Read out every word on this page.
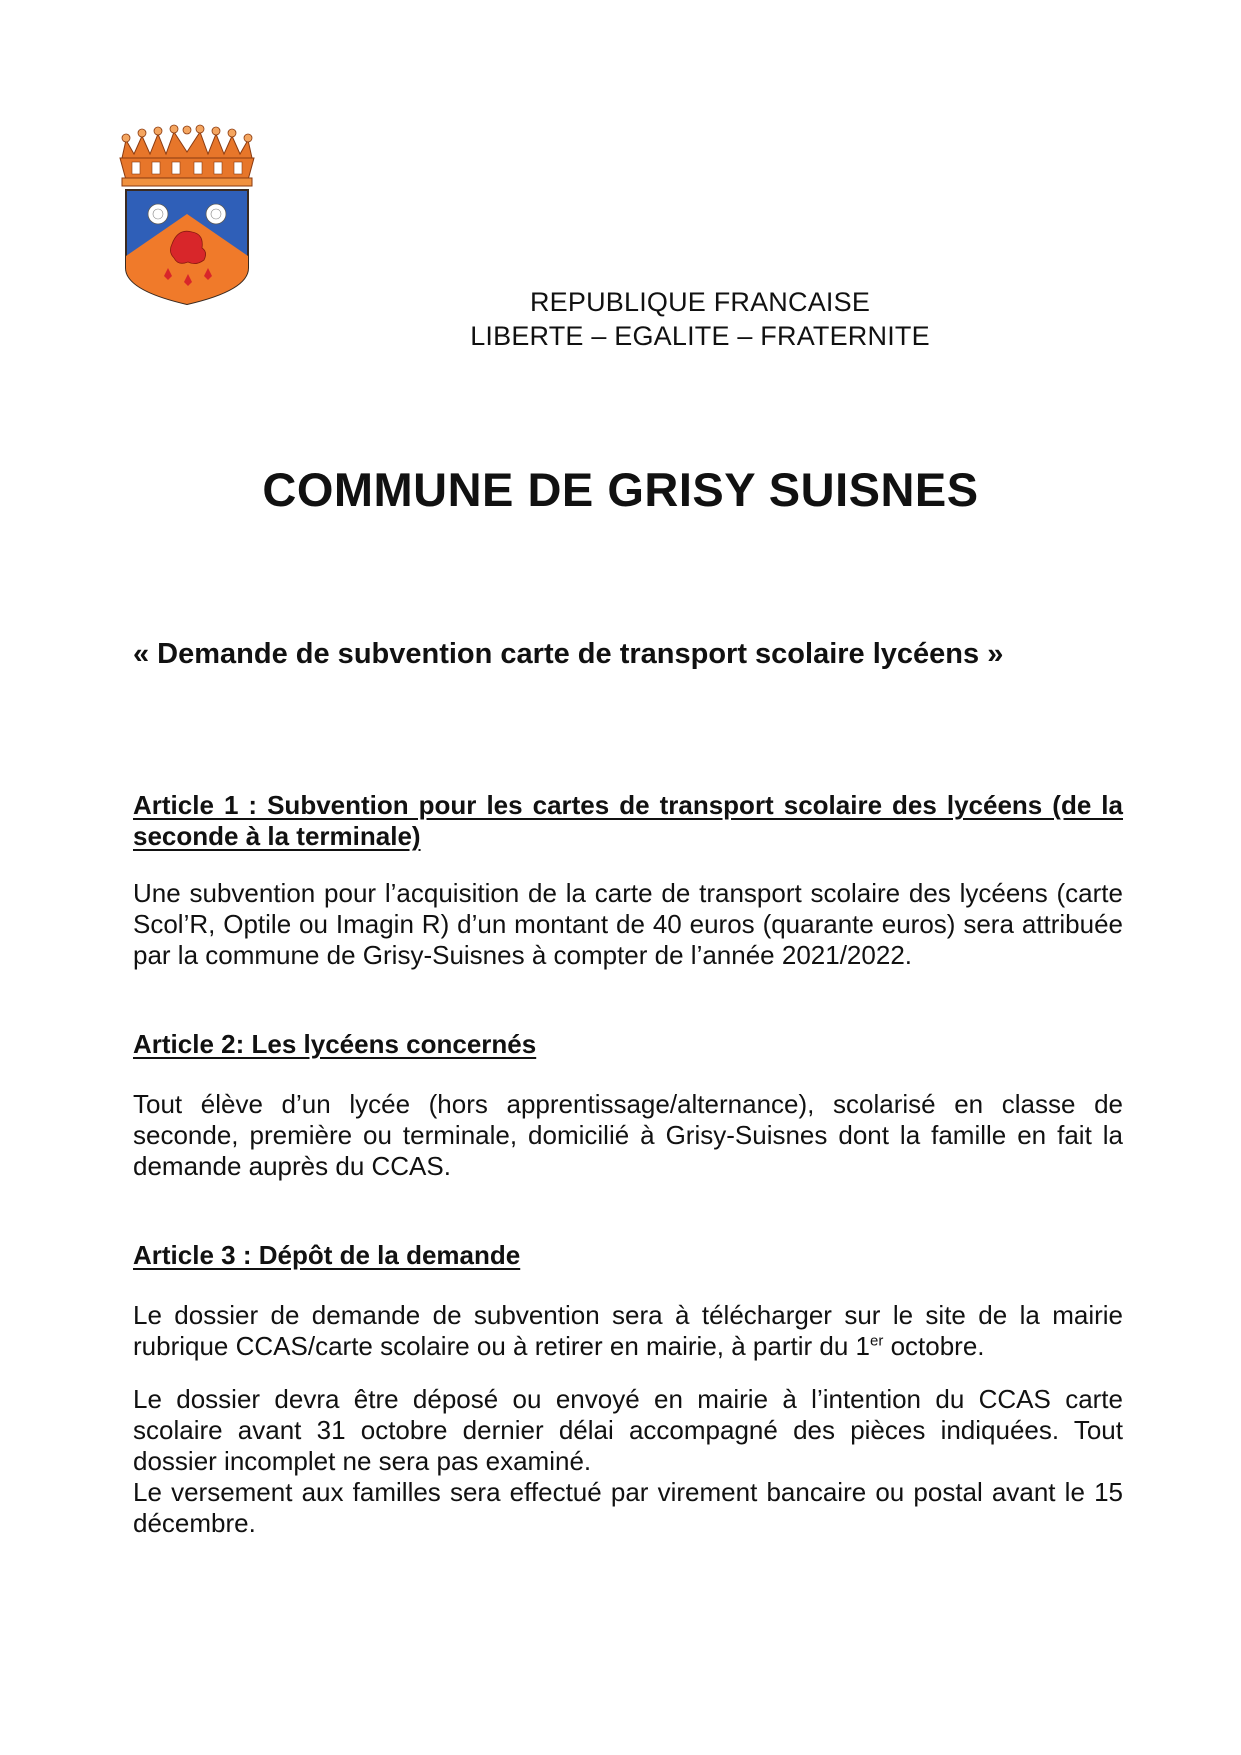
REPUBLIQUE FRANCAISE
LIBERTE – EGALITE – FRATERNITE
COMMUNE DE GRISY SUISNES
« Demande de subvention carte de transport scolaire lycéens »

Article 1 : Subvention pour les cartes de transport scolaire des lycéens (de la seconde à la terminale)

Une subvention pour l’acquisition de la carte de transport scolaire des lycéens (carte Scol’R, Optile ou Imagin R) d’un montant de 40 euros (quarante euros) sera attribuée par la commune de Grisy-Suisnes à compter de l’année 2021/2022.

Article 2: Les lycéens concernés

Tout élève d’un lycée (hors apprentissage/alternance), scolarisé en classe de seconde, première ou terminale, domicilié à Grisy-Suisnes dont la famille en fait la demande auprès du CCAS.

Article 3 : Dépôt de la demande

Le dossier de demande de subvention sera à télécharger sur le site de la mairie rubrique CCAS/carte scolaire ou à retirer en mairie, à partir du 1er octobre.

Le dossier devra être déposé ou envoyé en mairie à l’intention du CCAS carte scolaire avant 31 octobre dernier délai accompagné des pièces indiquées. Tout dossier incomplet ne sera pas examiné.

Le versement aux familles sera effectué par virement bancaire ou postal avant le 15 décembre.
